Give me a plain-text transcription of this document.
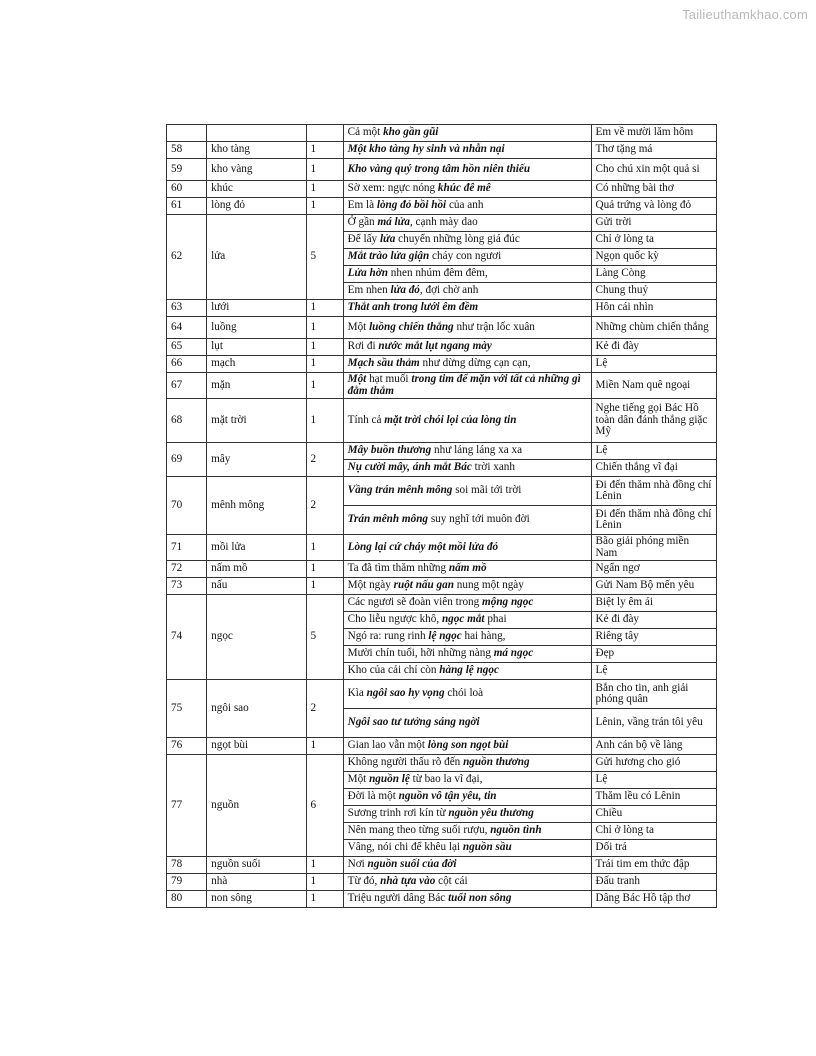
Tailieuthamkhao.com
			Cả một kho gần gũi	Em về mười lăm hôm
58	kho tàng	1	Một kho tàng hy sinh và nhẫn nại	Thơ tặng má
59	kho vàng	1	Kho vàng quý trong tâm hồn niên thiếu	Cho chú xin một quả si
60	khúc	1	Sờ xem: ngực nóng khúc đê mê	Có những bài thơ
61	lòng đỏ	1	Em là lòng đỏ bồi hồi của anh	Quả trứng và lòng đỏ
62	lửa	5	Ở gần má lửa, cạnh mày dao	Gửi trời
			Để lấy lửa chuyển những lòng giá đúc	Chỉ ở lòng ta
			Mắt trào lửa giận cháy con ngươi	Ngọn quốc kỳ
			Lửa hờn nhen nhúm đêm đêm,	Làng Còng
			Em nhen lửa đỏ, đợi chờ anh	Chung thuỷ
63	lưới	1	Thắt anh trong lưới êm đềm	Hôn cái nhìn
64	luồng	1	Một luồng chiến thắng như trận lốc xuân	Những chùm chiến thắng
65	lụt	1	Rơi đi nước mắt lụt ngang mày	Kẻ đi đày
66	mạch	1	Mạch sầu thảm như dừng dừng cạn cạn,	Lệ
67	mặn	1	Một hạt muối trong tim để mặn với tất cả những gì đằm thắm	Miền Nam quê ngoại
68	mặt trời	1	Tính cả mặt trời chói lọi của lòng tin	Nghe tiếng gọi Bác Hồ toàn dân đánh thắng giặc Mỹ
69	mây	2	Mây buồn thương như láng láng xa xa	Lệ
			Nụ cười mây, ánh mắt Bác trời xanh	Chiến thắng vĩ đại
70	mênh mông	2	Vầng trán mênh mông soi mãi tới trời	Đi đến thăm nhà đồng chí Lênin
			Trán mênh mông suy nghĩ tới muôn đời	Đi đến thăm nhà đồng chí Lênin
71	mồi lửa	1	Lòng lại cứ cháy một mồi lửa đỏ	Bão giải phóng miền Nam
72	nấm mồ	1	Ta đã tìm thăm những nấm mồ	Ngẩn ngơ
73	nấu	1	Một ngày ruột nấu gan nung một ngày	Gửi Nam Bộ mến yêu
74	ngọc	5	Các ngươi sẽ đoàn viên trong mộng ngọc	Biệt ly êm ái
			Cho liễu ngược khô, ngọc mắt phai	Kẻ đi đày
			Ngó ra: rung rinh lệ ngọc hai hàng,	Riêng tây
			Mười chín tuổi, hỡi những nàng má ngọc	Đẹp
			Kho của cải chỉ còn hàng lệ ngọc	Lệ
75	ngôi sao	2	Kìa ngôi sao hy vọng chói loà	Bắn cho tin, anh giải phóng quân
			Ngôi sao tư tưởng sáng ngời	Lênin, vầng trán tôi yêu
76	ngọt bùi	1	Gian lao vẫn một lòng son ngọt bùi	Anh cán bộ về làng
77	nguồn	6	Không người thấu rõ đến nguồn thương	Gửi hương cho gió
			Một nguồn lệ từ bao la vĩ đại,	Lệ
			Đời là một nguồn vô tận yêu, tin	Thăm lều có Lênin
			Sương trinh rơi kín từ nguồn yêu thương	Chiều
			Nên mang theo từng suối rượu, nguồn tình	Chỉ ở lòng ta
			Vâng, nói chi để khêu lại nguồn sầu	Dối trá
78	nguồn suối	1	Nơi nguồn suối của đời	Trái tim em thức đập
79	nhà	1	Từ đó, nhà tựa vào cột cái	Đấu tranh
80	non sông	1	Triệu người dâng Bác tuổi non sông	Dâng Bác Hồ tập thơ
